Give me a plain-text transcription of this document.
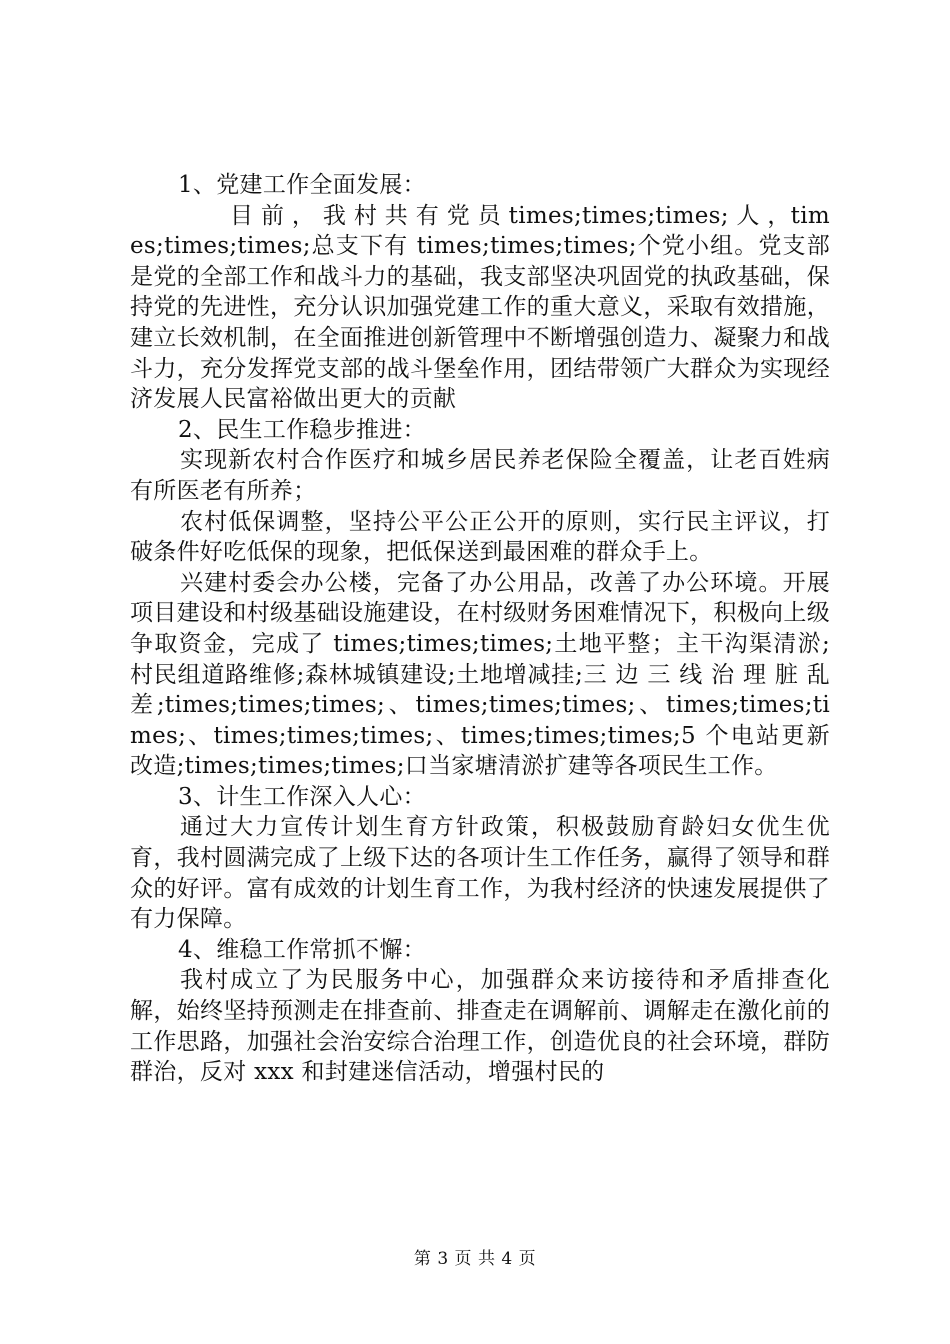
1、党建工作全面发展：

目 前 ， 我 村 共 有 党 员 times;times;times; 人 ，times;times;times;总支下有 times;times;times;个党小组。党支部是党的全部工作和战斗力的基础，我支部坚决巩固党的执政基础，保持党的先进性，充分认识加强党建工作的重大意义，采取有效措施，建立长效机制，在全面推进创新管理中不断增强创造力、凝聚力和战斗力，充分发挥党支部的战斗堡垒作用，团结带领广大群众为实现经济发展人民富裕做出更大的贡献

2、民生工作稳步推进：

实现新农村合作医疗和城乡居民养老保险全覆盖，让老百姓病有所医老有所养；

农村低保调整，坚持公平公正公开的原则，实行民主评议，打破条件好吃低保的现象，把低保送到最困难的群众手上。

兴建村委会办公楼，完备了办公用品，改善了办公环境。开展项目建设和村级基础设施建设，在村级财务困难情况下，积极向上级争取资金，完成了 times;times;times;土地平整；主干沟渠清淤;村民组道路维修;森林城镇建设;土地增减挂;三 边 三 线 治 理 脏 乱

差;times;times;times;、times;times;times;、times;times;times;、times;times;times;、times;times;times;5 个电站更新改造;times;times;times;口当家塘清淤扩建等各项民生工作。

3、计生工作深入人心：

通过大力宣传计划生育方针政策，积极鼓励育龄妇女优生优育，我村圆满完成了上级下达的各项计生工作任务，赢得了领导和群众的好评。富有成效的计划生育工作，为我村经济的快速发展提供了有力保障。

4、维稳工作常抓不懈：

我村成立了为民服务中心，加强群众来访接待和矛盾排查化解，始终坚持预测走在排查前、排查走在调解前、调解走在激化前的工作思路，加强社会治安综合治理工作，创造优良的社会环境，群防群治，反对 xxx 和封建迷信活动，增强村民的

第 3 页 共 4 页
